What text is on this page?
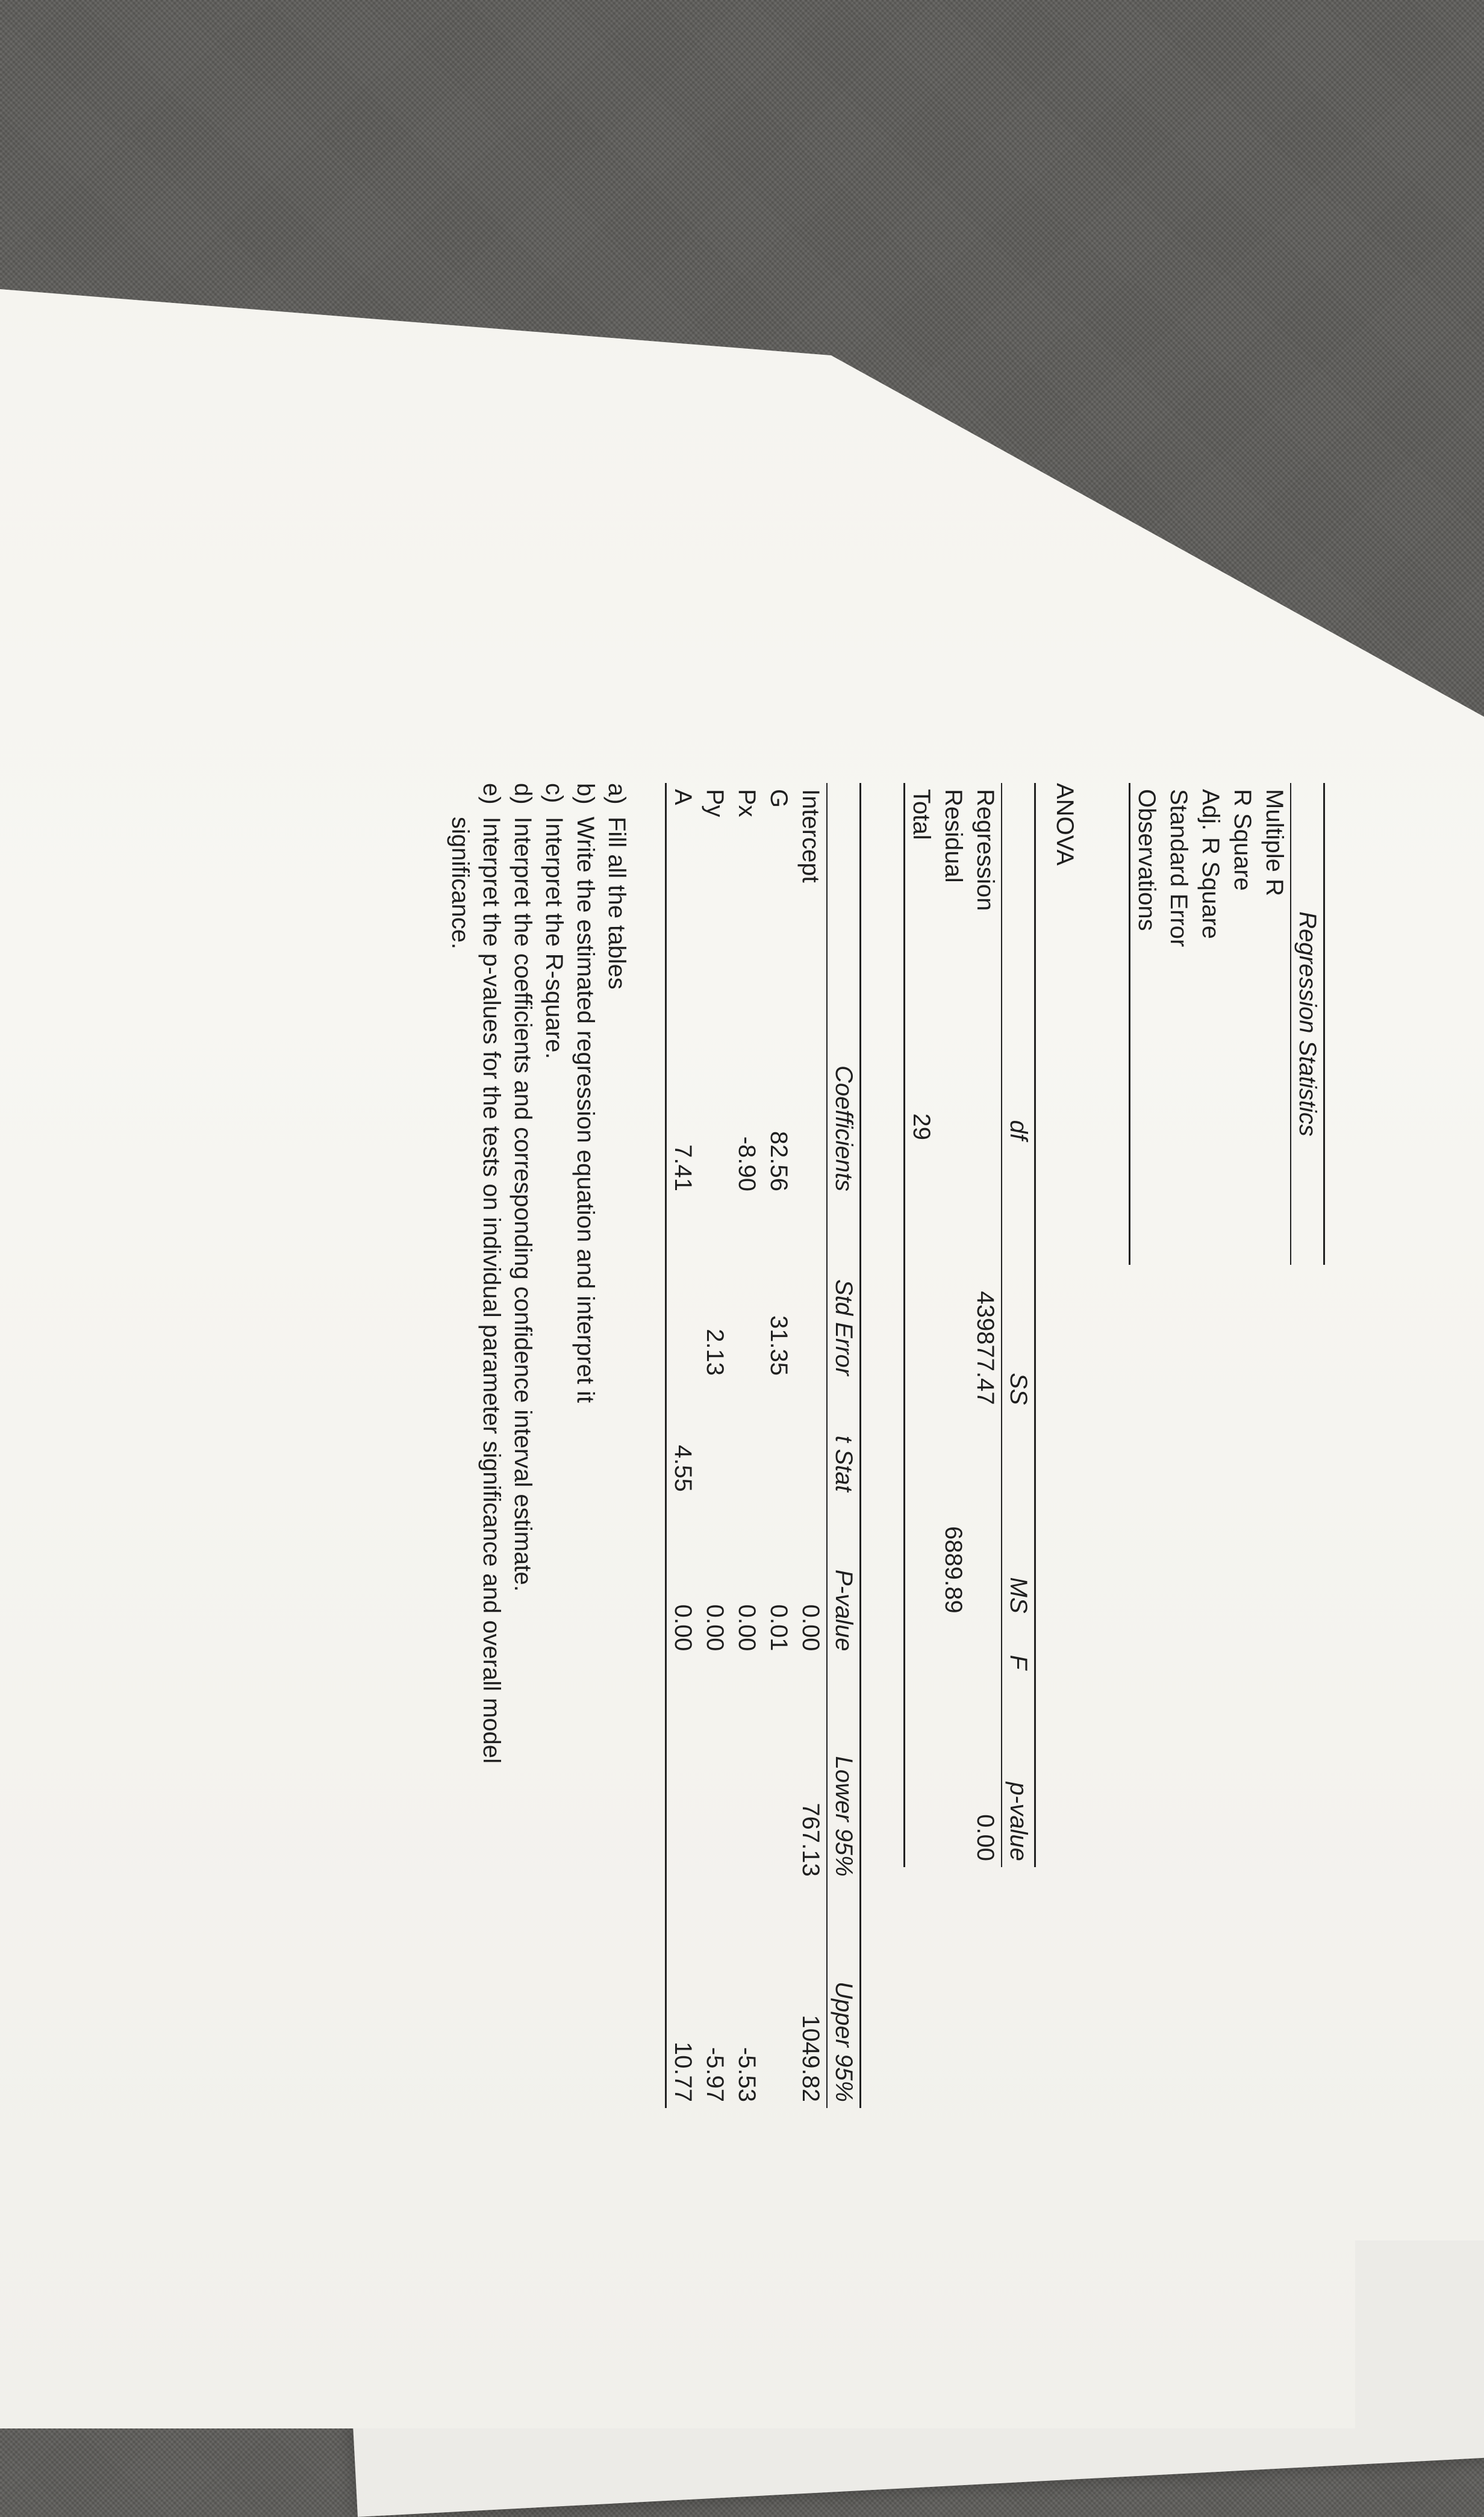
Regression Statistics
Multiple R
R Square
Adj. R Square
Standard Error
Observations
ANOVA
	df	SS	MS	F	p-value
Regression		439877.47			0.00
Residual			6889.89		
Total	29				
	Coefficients	Std Error	t Stat	P-value	Lower 95%	Upper 95%
Intercept				0.00	767.13	1049.82
G	82.56	31.35		0.01		
Px	-8.90			0.00		-5.53
Py		2.13		0.00		-5.97
A	7.41		4.55	0.00		10.77
a)
Fill all the tables
b)
Write the estimated regression equation and interpret it
c)
Interpret the R-square.
d)
Interpret the coefficients and corresponding confidence interval estimate.
e)
Interpret the p-values for the tests on individual parameter significance and overall model
significance.
